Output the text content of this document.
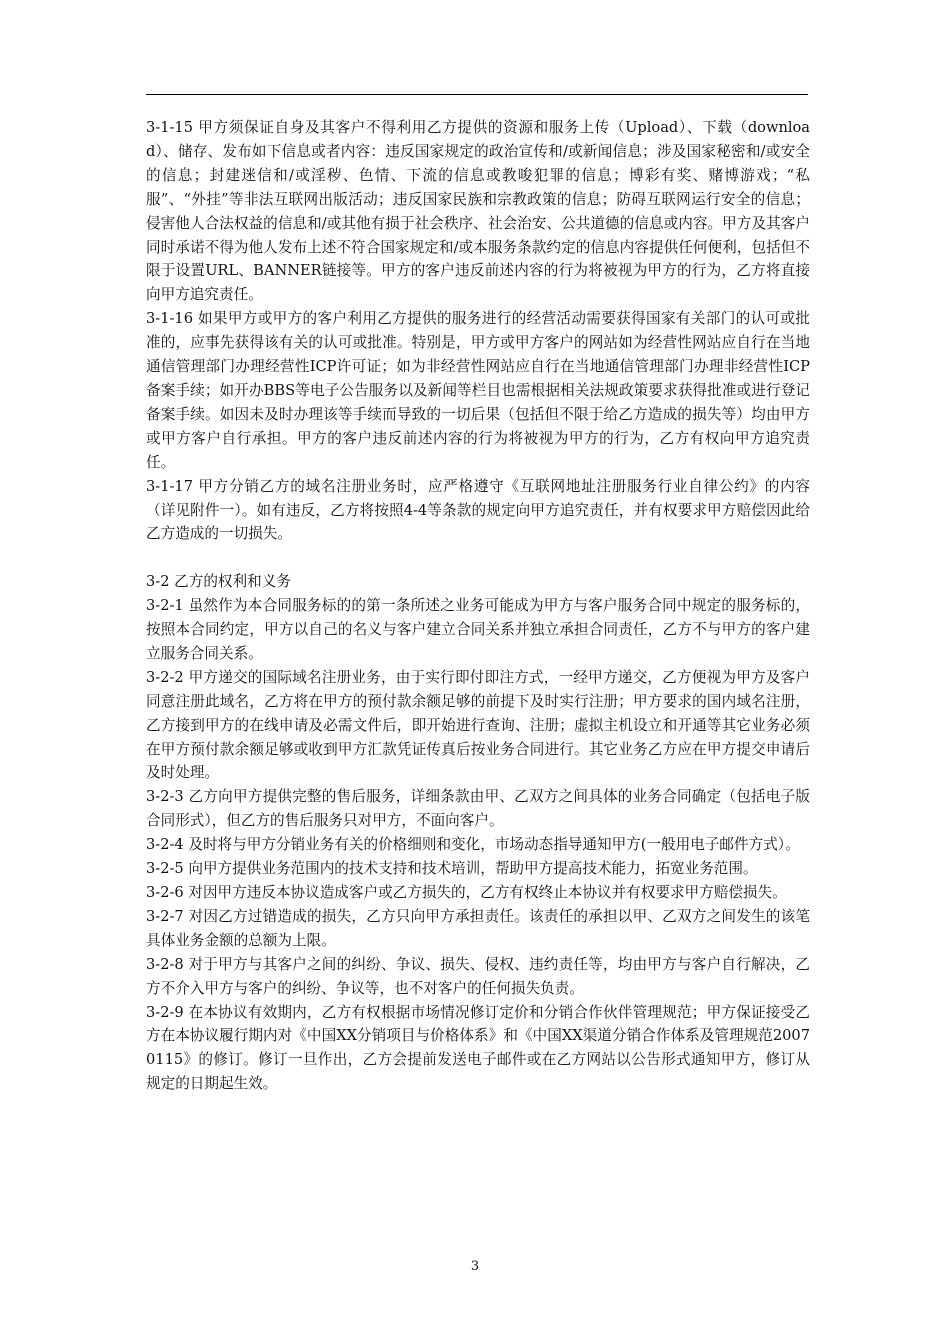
3-1-15 甲方须保证自身及其客户不得利用乙方提供的资源和服务上传（Upload）、下载（download）、储存、发布如下信息或者内容：违反国家规定的政治宣传和/或新闻信息；涉及国家秘密和/或安全的信息；封建迷信和/或淫秽、色情、下流的信息或教唆犯罪的信息；博彩有奖、赌博游戏；“私服”、“外挂”等非法互联网出版活动；违反国家民族和宗教政策的信息；防碍互联网运行安全的信息；侵害他人合法权益的信息和/或其他有损于社会秩序、社会治安、公共道德的信息或内容。甲方及其客户同时承诺不得为他人发布上述不符合国家规定和/或本服务条款约定的信息内容提供任何便利，包括但不限于设置URL、BANNER链接等。甲方的客户违反前述内容的行为将被视为甲方的行为，乙方将直接向甲方追究责任。

3-1-16 如果甲方或甲方的客户利用乙方提供的服务进行的经营活动需要获得国家有关部门的认可或批准的，应事先获得该有关的认可或批准。特别是，甲方或甲方客户的网站如为经营性网站应自行在当地通信管理部门办理经营性ICP许可证；如为非经营性网站应自行在当地通信管理部门办理非经营性ICP备案手续；如开办BBS等电子公告服务以及新闻等栏目也需根据相关法规政策要求获得批准或进行登记备案手续。如因未及时办理该等手续而导致的一切后果（包括但不限于给乙方造成的损失等）均由甲方或甲方客户自行承担。甲方的客户违反前述内容的行为将被视为甲方的行为，乙方有权向甲方追究责任。

3-1-17 甲方分销乙方的域名注册业务时，应严格遵守《互联网地址注册服务行业自律公约》的内容（详见附件一）。如有违反，乙方将按照4-4等条款的规定向甲方追究责任，并有权要求甲方赔偿因此给乙方造成的一切损失。

3-2 乙方的权利和义务

3-2-1 虽然作为本合同服务标的的第一条所述之业务可能成为甲方与客户服务合同中规定的服务标的，按照本合同约定，甲方以自己的名义与客户建立合同关系并独立承担合同责任，乙方不与甲方的客户建立服务合同关系。

3-2-2 甲方递交的国际域名注册业务，由于实行即付即注方式，一经甲方递交，乙方便视为甲方及客户同意注册此域名，乙方将在甲方的预付款余额足够的前提下及时实行注册；甲方要求的国内域名注册，乙方接到甲方的在线申请及必需文件后，即开始进行查询、注册；虚拟主机设立和开通等其它业务必须在甲方预付款余额足够或收到甲方汇款凭证传真后按业务合同进行。其它业务乙方应在甲方提交申请后及时处理。

3-2-3 乙方向甲方提供完整的售后服务，详细条款由甲、乙双方之间具体的业务合同确定（包括电子版合同形式），但乙方的售后服务只对甲方，不面向客户。

3-2-4 及时将与甲方分销业务有关的价格细则和变化，市场动态指导通知甲方(一般用电子邮件方式）。

3-2-5 向甲方提供业务范围内的技术支持和技术培训，帮助甲方提高技术能力，拓宽业务范围。

3-2-6 对因甲方违反本协议造成客户或乙方损失的，乙方有权终止本协议并有权要求甲方赔偿损失。

3-2-7 对因乙方过错造成的损失，乙方只向甲方承担责任。该责任的承担以甲、乙双方之间发生的该笔具体业务金额的总额为上限。

3-2-8 对于甲方与其客户之间的纠纷、争议、损失、侵权、违约责任等，均由甲方与客户自行解决，乙方不介入甲方与客户的纠纷、争议等，也不对客户的任何损失负责。

3-2-9 在本协议有效期内，乙方有权根据市场情况修订定价和分销合作伙伴管理规范；甲方保证接受乙方在本协议履行期内对《中国XX分销项目与价格体系》和《中国XX渠道分销合作体系及管理规范20070115》的修订。修订一旦作出，乙方会提前发送电子邮件或在乙方网站以公告形式通知甲方，修订从规定的日期起生效。

3
